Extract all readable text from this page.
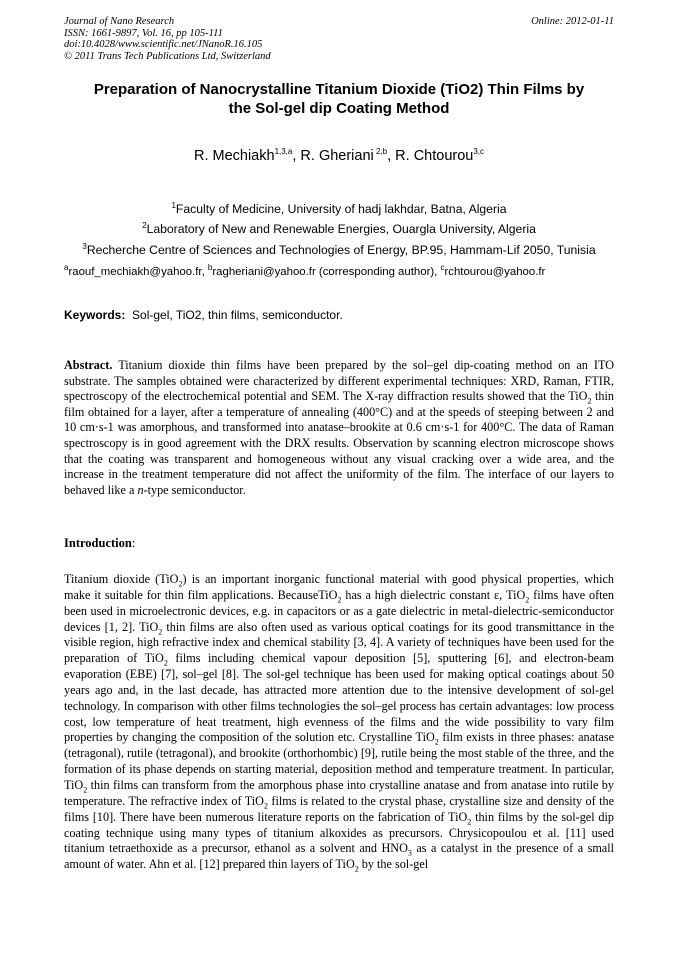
Journal of Nano Research
ISSN: 1661-9897, Vol. 16, pp 105-111
doi:10.4028/www.scientific.net/JNanoR.16.105
© 2011 Trans Tech Publications Ltd, Switzerland
Online: 2012-01-11
Preparation of Nanocrystalline Titanium Dioxide (TiO2) Thin Films by
the Sol-gel dip Coating Method
R. Mechiakh$^{1,3,a}$, R. Gheriani $^{2,b}$, R. Chtourou$^{3,c}$
$^1$Faculty of Medicine, University of hadj lakhdar, Batna, Algeria
$^2$Laboratory of New and Renewable Energies, Ouargla University, Algeria
$^3$Recherche Centre of Sciences and Technologies of Energy, BP.95, Hammam-Lif 2050, Tunisia
$^a$raouf_mechiakh@yahoo.fr, $^b$ragheriani@yahoo.fr (corresponding author), $^c$rchtourou@yahoo.fr
Keywords:  Sol-gel, TiO2, thin films, semiconductor.
Abstract. Titanium dioxide thin films have been prepared by the sol–gel dip-coating method on an ITO substrate. The samples obtained were characterized by different experimental techniques: XRD, Raman, FTIR, spectroscopy of the electrochemical potential and SEM. The X-ray diffraction results showed that the TiO$_2$ thin film obtained for a layer, after a temperature of annealing (400°C) and at the speeds of steeping between 2 and 10 cm·s-1 was amorphous, and transformed into anatase–brookite at 0.6 cm·s-1 for 400°C. The data of Raman spectroscopy is in good agreement with the DRX results. Observation by scanning electron microscope shows that the coating was transparent and homogeneous without any visual cracking over a wide area, and the increase in the treatment temperature did not affect the uniformity of the film. The interface of our layers to behaved like a n-type semiconductor.
Introduction:
Titanium dioxide (TiO$_2$) is an important inorganic functional material with good physical properties, which make it suitable for thin film applications. BecauseTiO$_2$ has a high dielectric constant ε, TiO$_2$ films have often been used in microelectronic devices, e.g. in capacitors or as a gate dielectric in metal-dielectric-semiconductor devices [1, 2]. TiO$_2$ thin films are also often used as various optical coatings for its good transmittance in the visible region, high refractive index and chemical stability [3, 4]. A variety of techniques have been used for the preparation of TiO$_2$ films including chemical vapour deposition [5], sputtering [6], and electron-beam evaporation (EBE) [7], sol–gel [8]. The sol-gel technique has been used for making optical coatings about 50 years ago and, in the last decade, has attracted more attention due to the intensive development of sol-gel technology. In comparison with other films technologies the sol–gel process has certain advantages: low process cost, low temperature of heat treatment, high evenness of the films and the wide possibility to vary film properties by changing the composition of the solution etc. Crystalline TiO$_2$ film exists in three phases: anatase (tetragonal), rutile (tetragonal), and brookite (orthorhombic) [9], rutile being the most stable of the three, and the formation of its phase depends on starting material, deposition method and temperature treatment. In particular, TiO$_2$ thin films can transform from the amorphous phase into crystalline anatase and from anatase into rutile by temperature. The refractive index of TiO$_2$ films is related to the crystal phase, crystalline size and density of the films [10]. There have been numerous literature reports on the fabrication of TiO$_2$ thin films by the sol-gel dip coating technique using many types of titanium alkoxides as precursors. Chrysicopoulou et al. [11] used titanium tetraethoxide as a precursor, ethanol as a solvent and $HNO_3$ as a catalyst in the presence of a small amount of water. Ahn et al. [12] prepared thin layers of TiO$_2$ by the sol-gel
